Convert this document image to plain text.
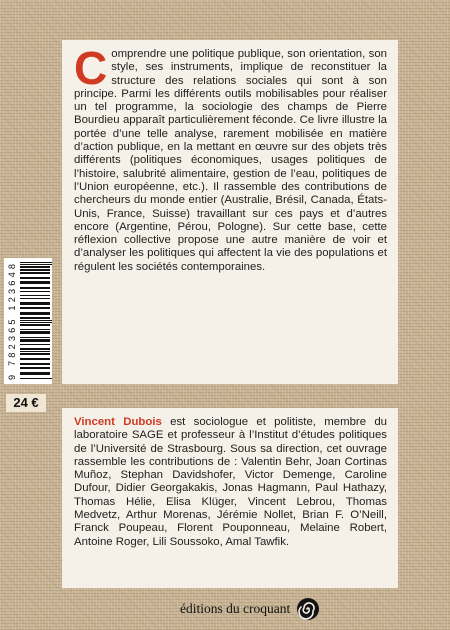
Comprendre une politique publique, son orientation, son style, ses instruments, implique de reconstituer la structure des relations sociales qui sont à son principe. Parmi les différents outils mobilisables pour réaliser un tel programme, la sociologie des champs de Pierre Bourdieu apparaît particulièrement féconde. Ce livre illustre la portée d’une telle analyse, rarement mobilisée en matière d’action publique, en la mettant en œuvre sur des objets très différents (politiques économiques, usages politiques de l’histoire, salubrité alimentaire, gestion de l’eau, politiques de l’Union européenne, etc.). Il rassemble des contributions de chercheurs du monde entier (Australie, Brésil, Canada, États-Unis, France, Suisse) travaillant sur ces pays et d’autres encore (Argentine, Pérou, Pologne). Sur cette base, cette réflexion collective propose une autre manière de voir et d’analyser les politiques qui affectent la vie des populations et régulent les sociétés contemporaines.
9 782365 123648
24 €
Vincent Dubois est sociologue et politiste, membre du laboratoire SAGE et professeur à l’Institut d’études politiques de l’Université de Strasbourg. Sous sa direction, cet ouvrage rassemble les contributions de : Valentin Behr, Joan Cortinas Muñoz, Stephan Davidshofer, Victor Demenge, Caroline Dufour, Didier Georgakakis, Jonas Hagmann, Paul Hathazy, Thomas Hélie, Elisa Klüger, Vincent Lebrou, Thomas Medvetz, Arthur Morenas, Jérémie Nollet, Brian F. O’Neill, Franck Poupeau, Florent Pouponneau, Melaine Robert, Antoine Roger, Lili Soussoko, Amal Tawfik.
éditions du croquant
